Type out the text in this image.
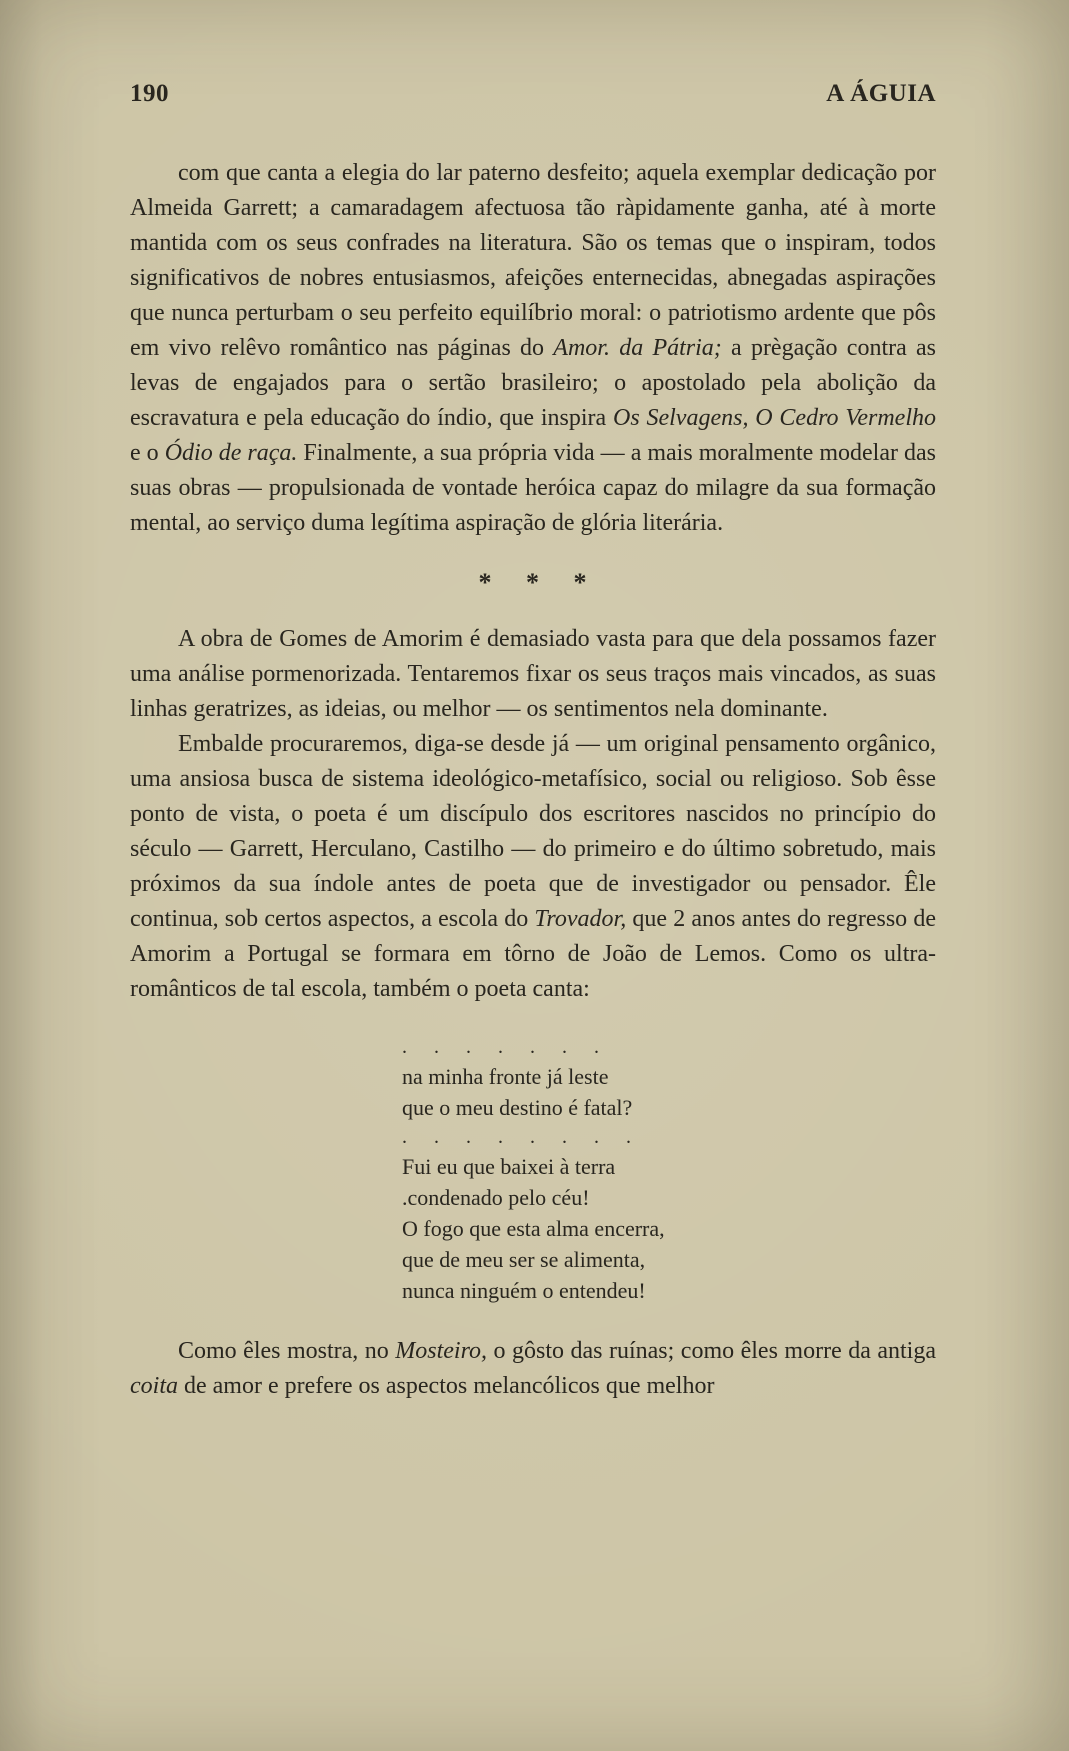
190	A ÁGUIA

com que canta a elegia do lar paterno desfeito; aquela exemplar dedicação por Almeida Garrett; a camaradagem afectuosa tão ràpidamente ganha, até à morte mantida com os seus confrades na literatura. São os temas que o inspiram, todos significativos de nobres entusiasmos, afeições enternecidas, abnegadas aspirações que nunca perturbam o seu perfeito equilíbrio moral: o patriotismo ardente que pôs em vivo relêvo romântico nas páginas do Amor. da Pátria; a prègação contra as levas de engajados para o sertão brasileiro; o apostolado pela abolição da escravatura e pela educação do índio, que inspira Os Selvagens, O Cedro Vermelho e o Ódio de raça. Finalmente, a sua própria vida — a mais moralmente modelar das suas obras — propulsionada de vontade heróica capaz do milagre da sua formação mental, ao serviço duma legítima aspiração de glória literária.

* * *

A obra de Gomes de Amorim é demasiado vasta para que dela possamos fazer uma análise pormenorizada. Tentaremos fixar os seus traços mais vincados, as suas linhas geratrizes, as ideias, ou melhor — os sentimentos nela dominante.

Embalde procuraremos, diga-se desde já — um original pensamento orgânico, uma ansiosa busca de sistema ideológico-metafísico, social ou religioso. Sob êsse ponto de vista, o poeta é um discípulo dos escritores nascidos no princípio do século — Garrett, Herculano, Castilho — do primeiro e do último sobretudo, mais próximos da sua índole antes de poeta que de investigador ou pensador. Êle continua, sob certos aspectos, a escola do Trovador, que 2 anos antes do regresso de Amorim a Portugal se formara em tôrno de João de Lemos. Como os ultra-românticos de tal escola, também o poeta canta:

. . . . . . .
na minha fronte já leste
que o meu destino é fatal?
. . . . . . . .
Fui eu que baixei à terra
.condenado pelo céu!
O fogo que esta alma encerra,
que de meu ser se alimenta,
nunca ninguém o entendeu!

Como êles mostra, no Mosteiro, o gôsto das ruínas; como êles morre da antiga coita de amor e prefere os aspectos melancólicos que melhor
